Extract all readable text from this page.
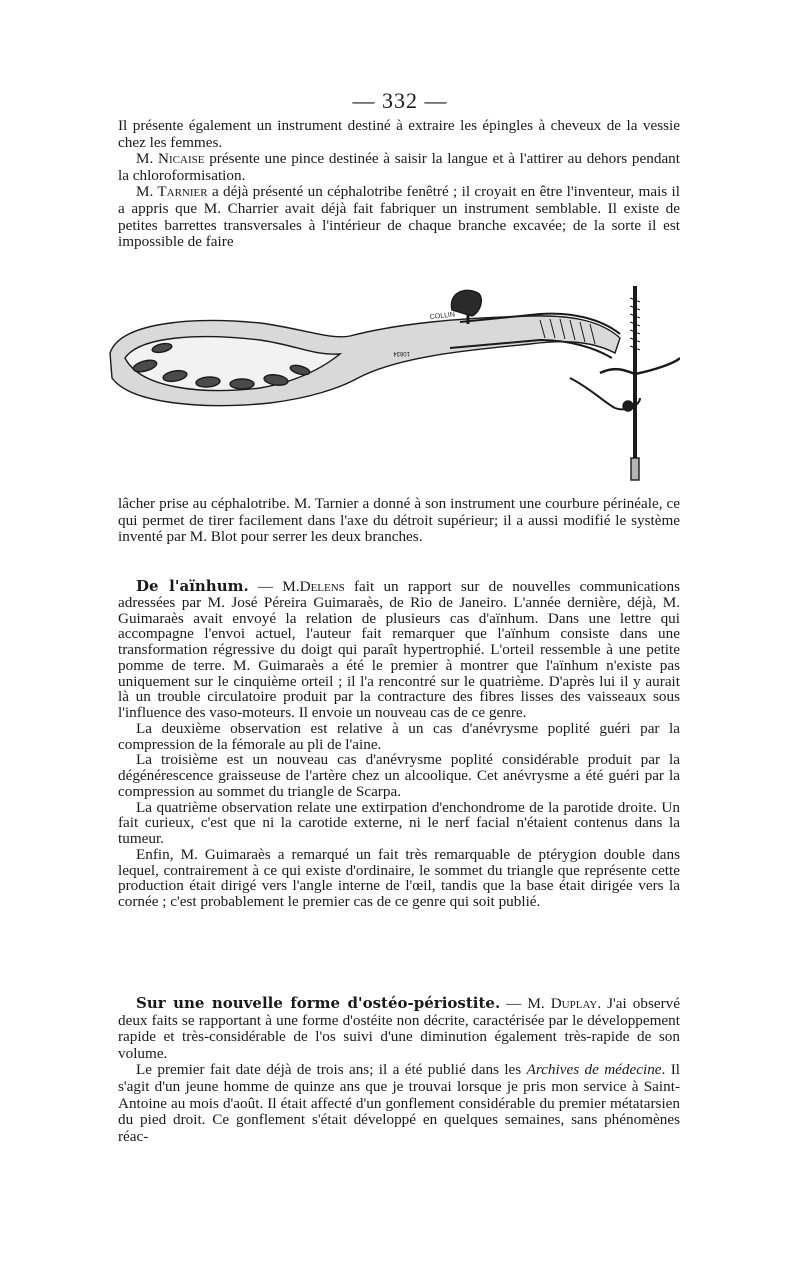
— 332 —

Il présente également un instrument destiné à extraire les épingles à cheveux de la vessie chez les femmes.

M. Nicaise présente une pince destinée à saisir la langue et à l'attirer au dehors pendant la chloroformisation.

M. Tarnier a déjà présenté un céphalotribe fenêtré ; il croyait en être l'inventeur, mais il a appris que M. Charrier avait déjà fait fabriquer un instrument semblable. Il existe de petites barrettes transversales à l'intérieur de chaque branche excavée; de la sorte il est impossible de faire

COLLIN
10834

lâcher prise au céphalotribe. M. Tarnier a donné à son instrument une courbure périnéale, ce qui permet de tirer facilement dans l'axe du détroit supérieur; il a aussi modifié le système inventé par M. Blot pour serrer les deux branches.

De l'aïnhum. — M.Delens fait un rapport sur de nouvelles communications adressées par M. José Péreira Guimaraès, de Rio de Janeiro. L'année dernière, déjà, M. Guimaraès avait envoyé la relation de plusieurs cas d'aïnhum. Dans une lettre qui accompagne l'envoi actuel, l'auteur fait remarquer que l'aïnhum consiste dans une transformation régressive du doigt qui paraît hypertrophié. L'orteil ressemble à une petite pomme de terre. M. Guimaraès a été le premier à montrer que l'aïnhum n'existe pas uniquement sur le cinquième orteil ; il l'a rencontré sur le quatrième. D'après lui il y aurait là un trouble circulatoire produit par la contracture des fibres lisses des vaisseaux sous l'influence des vaso-moteurs. Il envoie un nouveau cas de ce genre.

La deuxième observation est relative à un cas d'anévrysme poplité guéri par la compression de la fémorale au pli de l'aine.

La troisième est un nouveau cas d'anévrysme poplité considérable produit par la dégénérescence graisseuse de l'artère chez un alcoolique. Cet anévrysme a été guéri par la compression au sommet du triangle de Scarpa.

La quatrième observation relate une extirpation d'enchondrome de la parotide droite. Un fait curieux, c'est que ni la carotide externe, ni le nerf facial n'étaient contenus dans la tumeur.

Enfin, M. Guimaraès a remarqué un fait très remarquable de ptérygion double dans lequel, contrairement à ce qui existe d'ordinaire, le sommet du triangle que représente cette production était dirigé vers l'angle interne de l'œil, tandis que la base était dirigée vers la cornée ; c'est probablement le premier cas de ce genre qui soit publié.

Sur une nouvelle forme d'ostéo-périostite. — M. Duplay. J'ai observé deux faits se rapportant à une forme d'ostéite non décrite, caractérisée par le développement rapide et très-considérable de l'os suivi d'une diminution également très-rapide de son volume.

Le premier fait date déjà de trois ans; il a été publié dans les Archives de médecine. Il s'agit d'un jeune homme de quinze ans que je trouvai lorsque je pris mon service à Saint-Antoine au mois d'août. Il était affecté d'un gonflement considérable du premier métatarsien du pied droit. Ce gonflement s'était développé en quelques semaines, sans phénomènes réac-
